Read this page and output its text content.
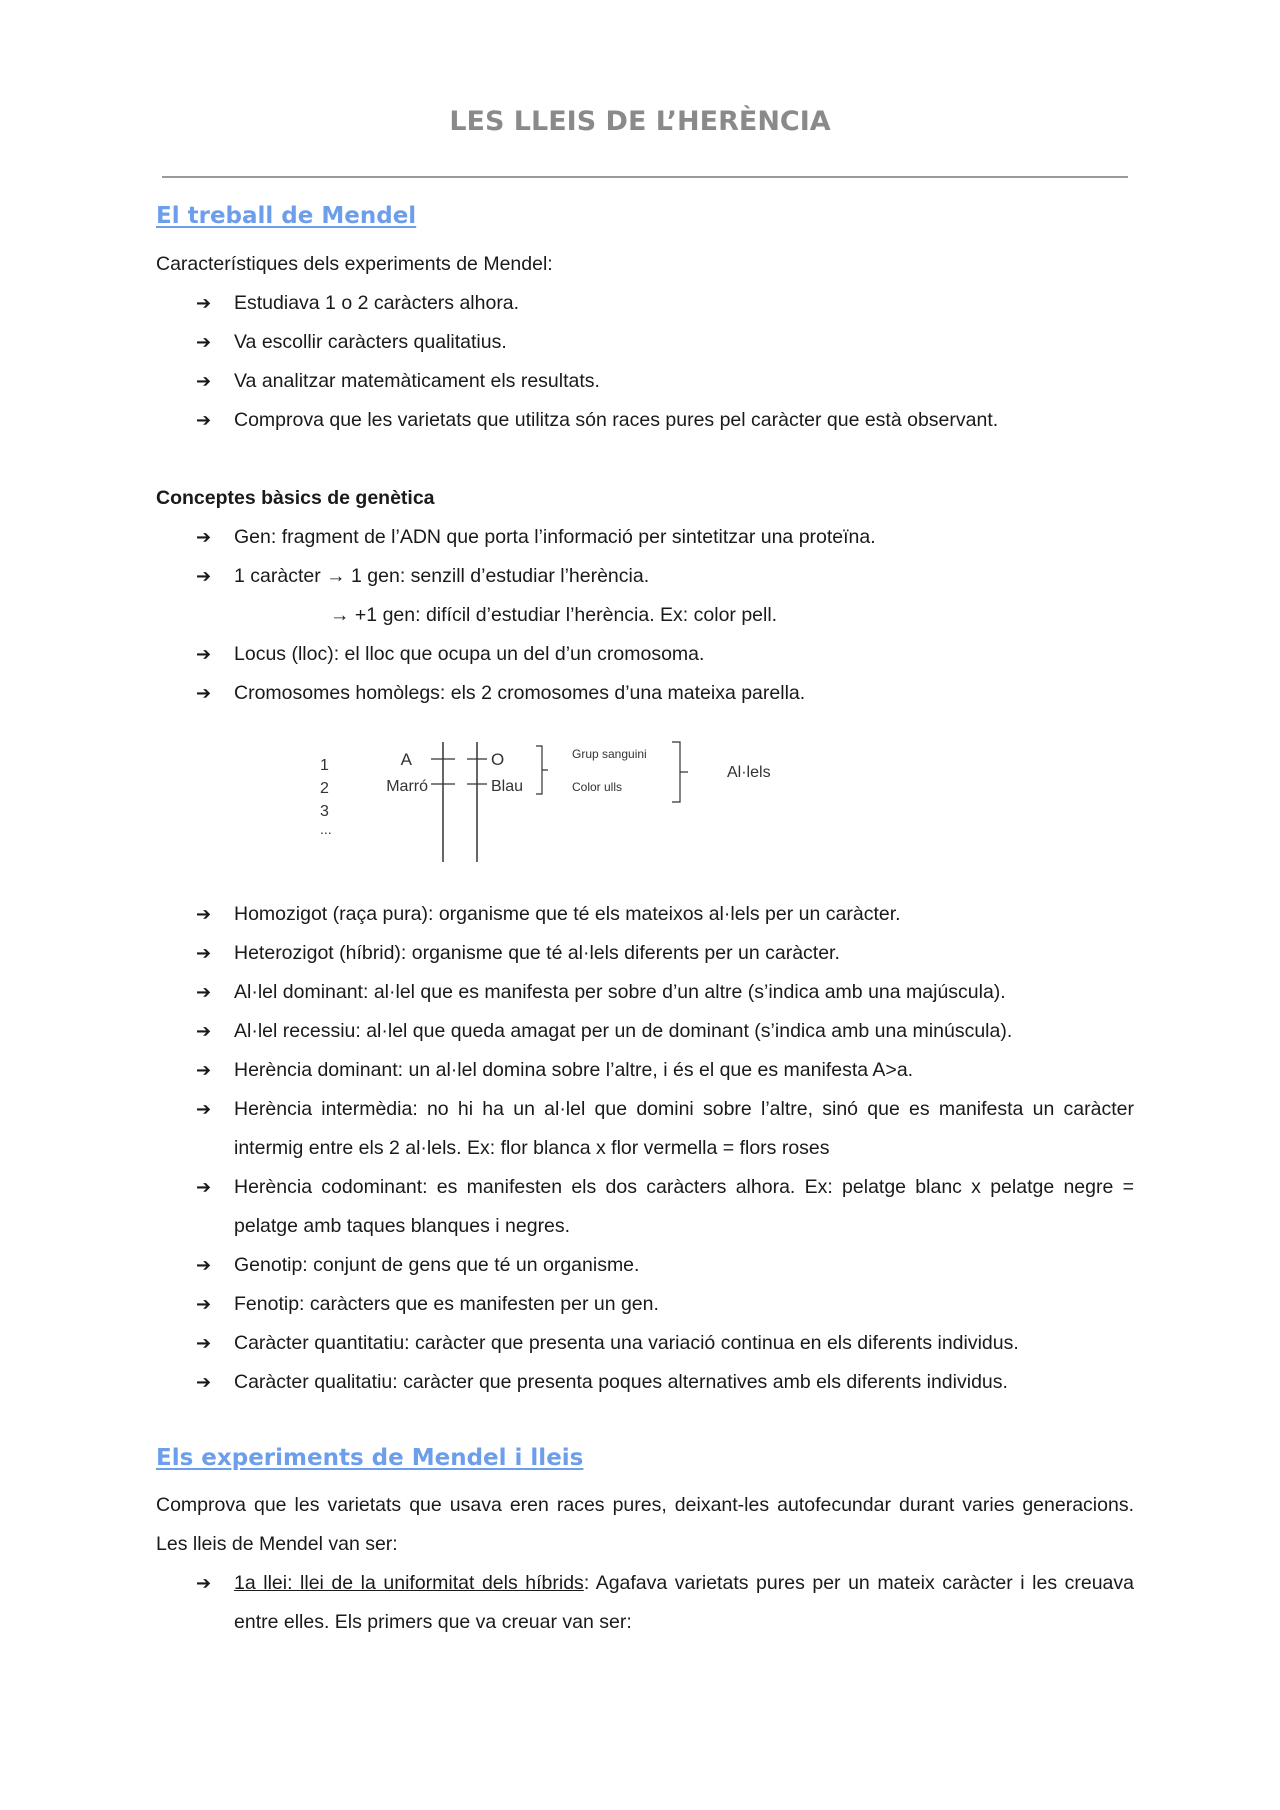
LES LLEIS DE L’HERÈNCIA
El treball de Mendel
Característiques dels experiments de Mendel:
➔ Estudiava 1 o 2 caràcters alhora.
➔ Va escollir caràcters qualitatius.
➔ Va analitzar matemàticament els resultats.
➔ Comprova que les varietats que utilitza són races pures pel caràcter que està observant.
Conceptes bàsics de genètica
➔ Gen: fragment de l’ADN que porta l’informació per sintetitzar una proteïna.
➔ 1 caràcter → 1 gen: senzill d’estudiar l’herència.
→ +1 gen: difícil d’estudiar l’herència. Ex: color pell.
➔ Locus (lloc): el lloc que ocupa un del d’un cromosoma.
➔ Cromosomes homòlegs: els 2 cromosomes d’una mateixa parella.
1
2
3
...
A
Marró
O
Blau
Grup sanguini
Color ulls
Al·lels
➔ Homozigot (raça pura): organisme que té els mateixos al·lels per un caràcter.
➔ Heterozigot (híbrid): organisme que té al·lels diferents per un caràcter.
➔ Al·lel dominant: al·lel que es manifesta per sobre d’un altre (s’indica amb una majúscula).
➔ Al·lel recessiu: al·lel que queda amagat per un de dominant (s’indica amb una minúscula).
➔ Herència dominant: un al·lel domina sobre l’altre, i és el que es manifesta A>a.
➔ Herència intermèdia: no hi ha un al·lel que domini sobre l’altre, sinó que es manifesta un caràcter intermig entre els 2 al·lels. Ex: flor blanca x flor vermella = flors roses
➔ Herència codominant: es manifesten els dos caràcters alhora. Ex: pelatge blanc x pelatge negre = pelatge amb taques blanques i negres.
➔ Genotip: conjunt de gens que té un organisme.
➔ Fenotip: caràcters que es manifesten per un gen.
➔ Caràcter quantitatiu: caràcter que presenta una variació continua en els diferents individus.
➔ Caràcter qualitatiu: caràcter que presenta poques alternatives amb els diferents individus.
Els experiments de Mendel i lleis
Comprova que les varietats que usava eren races pures, deixant-les autofecundar durant varies generacions. Les lleis de Mendel van ser:
➔ 1a llei: llei de la uniformitat dels híbrids: Agafava varietats pures per un mateix caràcter i les creuava entre elles. Els primers que va creuar van ser:
